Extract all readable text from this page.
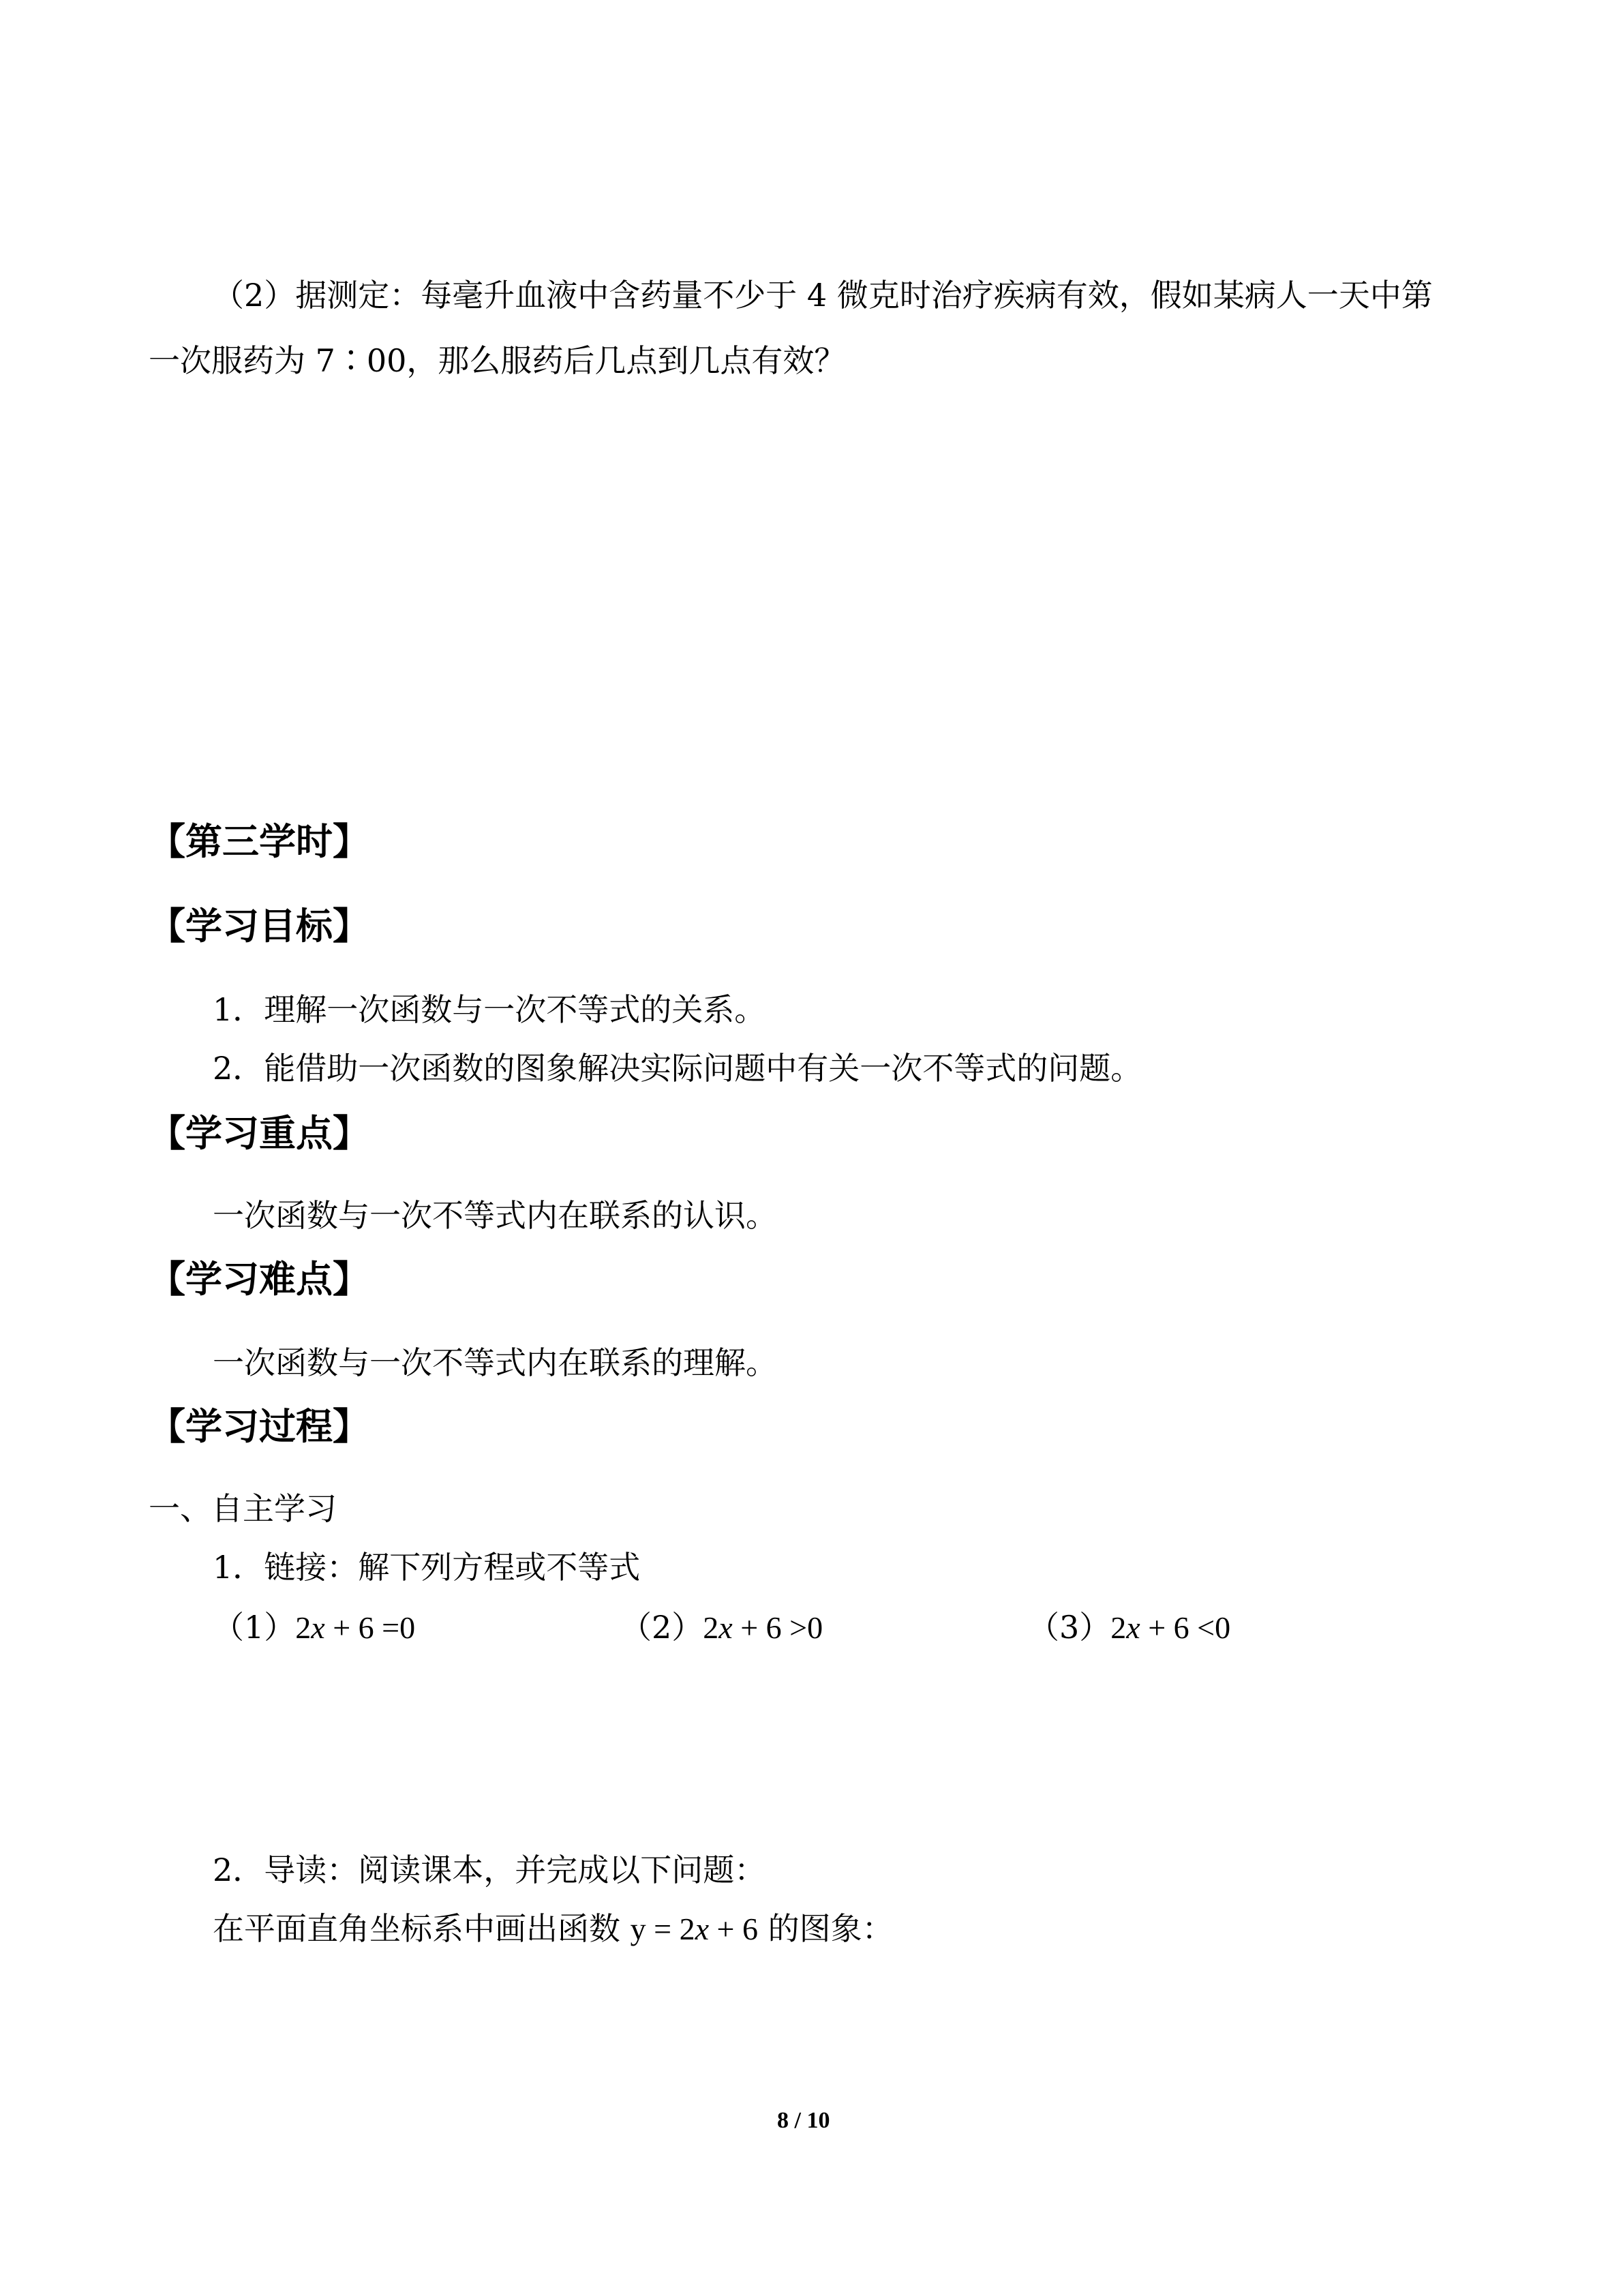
（2）据测定：每毫升血液中含药量不少于 4 微克时治疗疾病有效，假如某病人一天中第
一次服药为 7∶00，那么服药后几点到几点有效？
【第三学时】
【学习目标】
1．理解一次函数与一次不等式的关系。
2．能借助一次函数的图象解决实际问题中有关一次不等式的问题。
【学习重点】
一次函数与一次不等式内在联系的认识。
【学习难点】
一次函数与一次不等式内在联系的理解。
【学习过程】
一、自主学习
1．链接：解下列方程或不等式
（1）2x + 6 =0	（2）2x + 6 >0	（3）2x + 6 <0
2．导读：阅读课本，并完成以下问题：
在平面直角坐标系中画出函数 y = 2x + 6 的图象：
8 / 10
